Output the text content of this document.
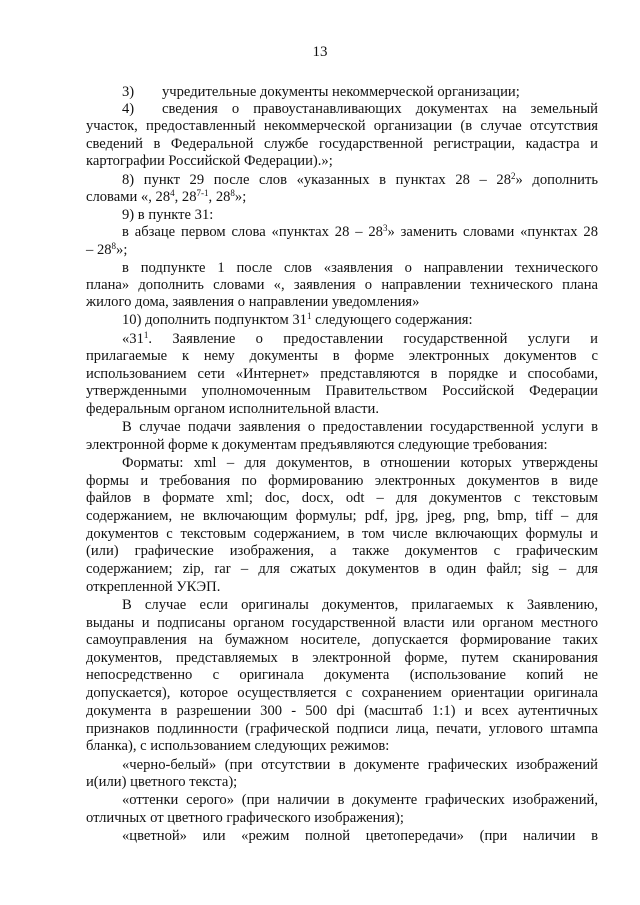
13
3) учредительные документы некоммерческой организации;
4) сведения о правоустанавливающих документах на земельный
участок, предоставленный некоммерческой организации (в случае отсутствия
сведений в Федеральной службе государственной регистрации, кадастра и
картографии Российской Федерации).»;
8) пункт 29 после слов «указанных в пунктах $28 - 28^2$» дополнить
словами «, $28^4$, 28$^{7-1}$, $28^8$»;
9) в пункте 31:
в абзаце первом слова «пунктах $28 - 28^3$» заменить словами «пунктах 28
– $28^8$»;
в подпункте 1 после слов «заявления о направлении технического
плана» дополнить словами «, заявления о направлении технического плана
жилого дома, заявления о направлении уведомления»
10) дополнить подпунктом $31^1$ следующего содержания:
«$31^1$. Заявление о предоставлении государственной услуги и
прилагаемые к нему документы в форме электронных документов с
использованием сети «Интернет» представляются в порядке и способами,
утвержденными уполномоченным Правительством Российской Федерации
федеральным органом исполнительной власти.
В случае подачи заявления о предоставлении государственной услуги в
электронной форме к документам предъявляются следующие требования:
Форматы: xml – для документов, в отношении которых утверждены
формы и требования по формированию электронных документов в виде
файлов в формате xml; doc, docx, odt – для документов с текстовым
содержанием, не включающим формулы; pdf, jpg, jpeg, png, bmp, tiff – для
документов с текстовым содержанием, в том числе включающих формулы и
(или) графические изображения, а также документов с графическим
содержанием; zip, rar – для сжатых документов в один файл; sig – для
открепленной УКЭП.
В случае если оригиналы документов, прилагаемых к Заявлению,
выданы и подписаны органом государственной власти или органом местного
самоуправления на бумажном носителе, допускается формирование таких
документов, представляемых в электронной форме, путем сканирования
непосредственно с оригинала документа (использование копий не
допускается), которое осуществляется с сохранением ориентации оригинала
документа в разрешении 300 - 500 dpi (масштаб 1:1) и всех аутентичных
признаков подлинности (графической подписи лица, печати, углового штампа
бланка), с использованием следующих режимов:
«черно-белый» (при отсутствии в документе графических изображений
и(или) цветного текста);
«оттенки серого» (при наличии в документе графических изображений,
отличных от цветного графического изображения);
«цветной» или «режим полной цветопередачи» (при наличии в
